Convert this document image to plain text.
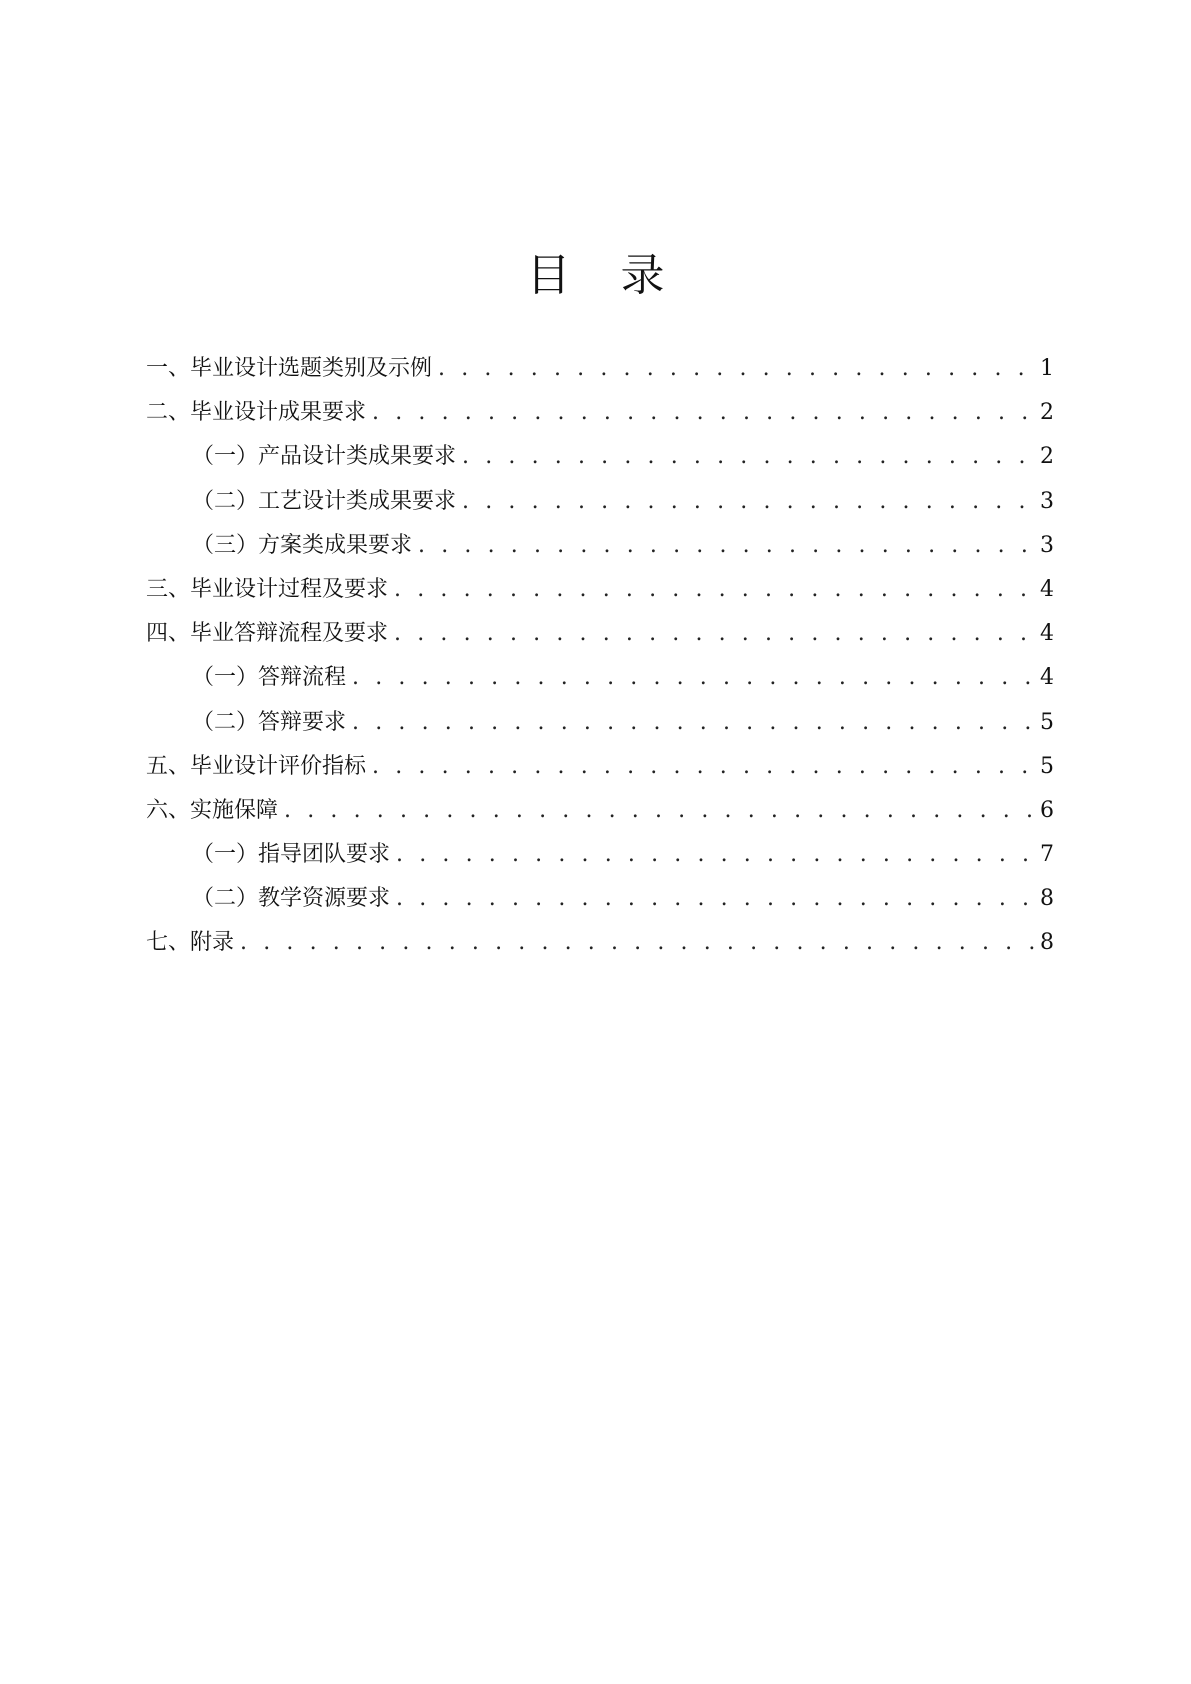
目 录
一、毕业设计选题类别及示例 . . .	1
二、毕业设计成果要求 . . .	2
（一）产品设计类成果要求 . . .	2
（二）工艺设计类成果要求 . . .	3
（三）方案类成果要求 . . .	3
三、毕业设计过程及要求 . . .	4
四、毕业答辩流程及要求 . . .	4
（一）答辩流程 . . .	4
（二）答辩要求 . . .	5
五、毕业设计评价指标 . . .	5
六、实施保障 . . .	6
（一）指导团队要求 . . .	7
（二）教学资源要求 . . .	8
七、附录 . . .	8
